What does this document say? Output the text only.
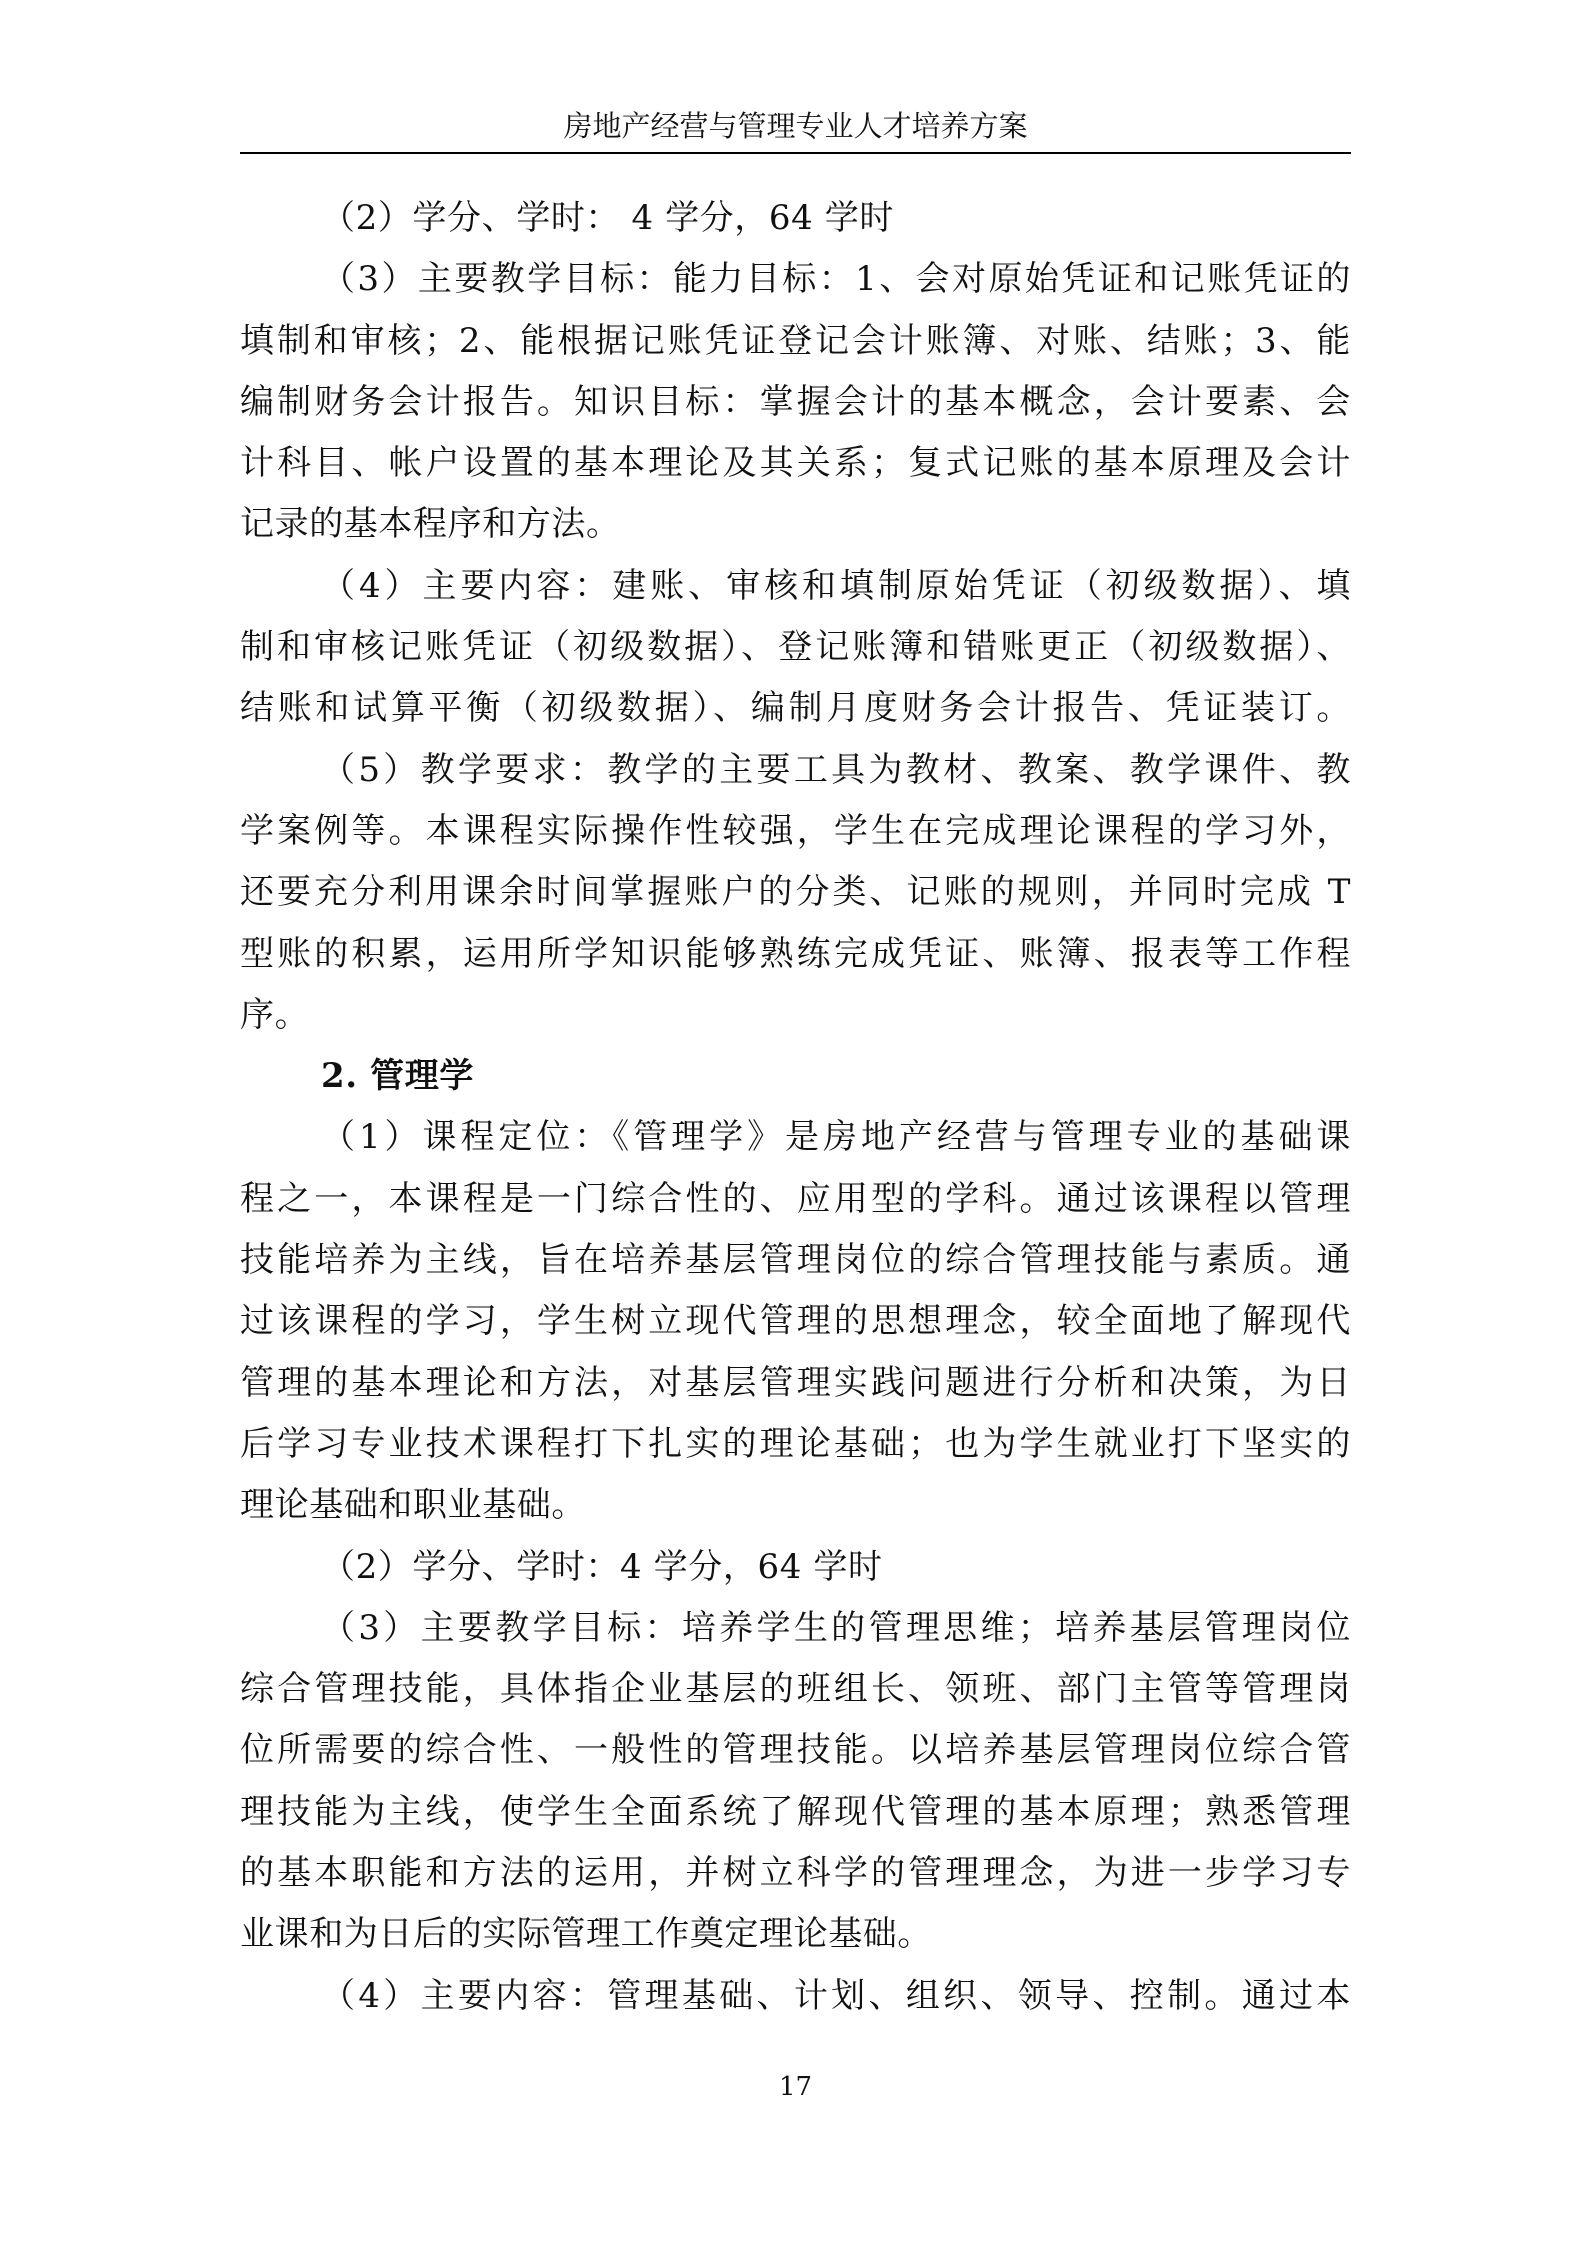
房地产经营与管理专业人才培养方案
（2）学分、学时： 4 学分，64 学时
（3）主要教学目标：能力目标：1、会对原始凭证和记账凭证的
填制和审核；2、能根据记账凭证登记会计账簿、对账、结账；3、能
编制财务会计报告。知识目标：掌握会计的基本概念，会计要素、会
计科目、帐户设置的基本理论及其关系；复式记账的基本原理及会计
记录的基本程序和方法。
（4）主要内容：建账、审核和填制原始凭证（初级数据）、填
制和审核记账凭证（初级数据）、登记账簿和错账更正（初级数据）、
结账和试算平衡（初级数据）、编制月度财务会计报告、凭证装订。
（5）教学要求：教学的主要工具为教材、教案、教学课件、教
学案例等。本课程实际操作性较强，学生在完成理论课程的学习外，
还要充分利用课余时间掌握账户的分类、记账的规则，并同时完成 T
型账的积累，运用所学知识能够熟练完成凭证、账簿、报表等工作程
序。
2. 管理学
（1）课程定位：《管理学》是房地产经营与管理专业的基础课
程之一，本课程是一门综合性的、应用型的学科。通过该课程以管理
技能培养为主线，旨在培养基层管理岗位的综合管理技能与素质。通
过该课程的学习，学生树立现代管理的思想理念，较全面地了解现代
管理的基本理论和方法，对基层管理实践问题进行分析和决策，为日
后学习专业技术课程打下扎实的理论基础；也为学生就业打下坚实的
理论基础和职业基础。
（2）学分、学时：4 学分，64 学时
（3）主要教学目标：培养学生的管理思维；培养基层管理岗位
综合管理技能，具体指企业基层的班组长、领班、部门主管等管理岗
位所需要的综合性、一般性的管理技能。以培养基层管理岗位综合管
理技能为主线，使学生全面系统了解现代管理的基本原理；熟悉管理
的基本职能和方法的运用，并树立科学的管理理念，为进一步学习专
业课和为日后的实际管理工作奠定理论基础。
（4）主要内容：管理基础、计划、组织、领导、控制。通过本
17
